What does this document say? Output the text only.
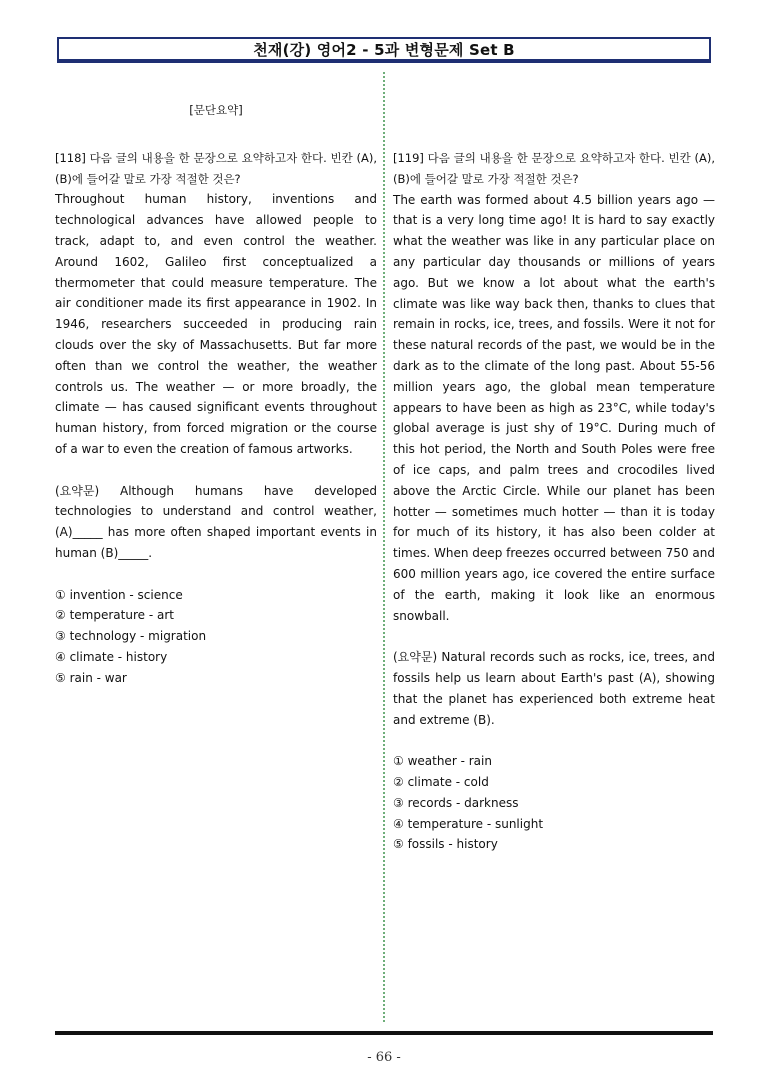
천재(강) 영어2 - 5과 변형문제 Set B
[문단요약]
[118] 다음 글의 내용을 한 문장으로 요약하고자 한다. 빈칸 (A),(B)에 들어갈 말로 가장 적절한 것은?
Throughout human history, inventions and technological advances have allowed people to track, adapt to, and even control the weather. Around 1602, Galileo first conceptualized a thermometer that could measure temperature. The air conditioner made its first appearance in 1902. In 1946, researchers succeeded in producing rain clouds over the sky of Massachusetts. But far more often than we control the weather, the weather controls us. The weather — or more broadly, the climate — has caused significant events throughout human history, from forced migration or the course of a war to even the creation of famous artworks.
(요약문) Although humans have developed technologies to understand and control weather, (A)_____ has more often shaped important events in human (B)_____.
① invention - science
② temperature - art
③ technology - migration
④ climate - history
⑤ rain - war
[119] 다음 글의 내용을 한 문장으로 요약하고자 한다. 빈칸 (A),(B)에 들어갈 말로 가장 적절한 것은?
The earth was formed about 4.5 billion years ago — that is a very long time ago! It is hard to say exactly what the weather was like in any particular place on any particular day thousands or millions of years ago. But we know a lot about what the earth's climate was like way back then, thanks to clues that remain in rocks, ice, trees, and fossils. Were it not for these natural records of the past, we would be in the dark as to the climate of the long past. About 55-56 million years ago, the global mean temperature appears to have been as high as 23°C, while today's global average is just shy of 19°C. During much of this hot period, the North and South Poles were free of ice caps, and palm trees and crocodiles lived above the Arctic Circle. While our planet has been hotter — sometimes much hotter — than it is today for much of its history, it has also been colder at times. When deep freezes occurred between 750 and 600 million years ago, ice covered the entire surface of the earth, making it look like an enormous snowball.
(요약문) Natural records such as rocks, ice, trees, and fossils help us learn about Earth's past (A), showing that the planet has experienced both extreme heat and extreme (B).
① weather - rain
② climate - cold
③ records - darkness
④ temperature - sunlight
⑤ fossils - history
- 66 -
